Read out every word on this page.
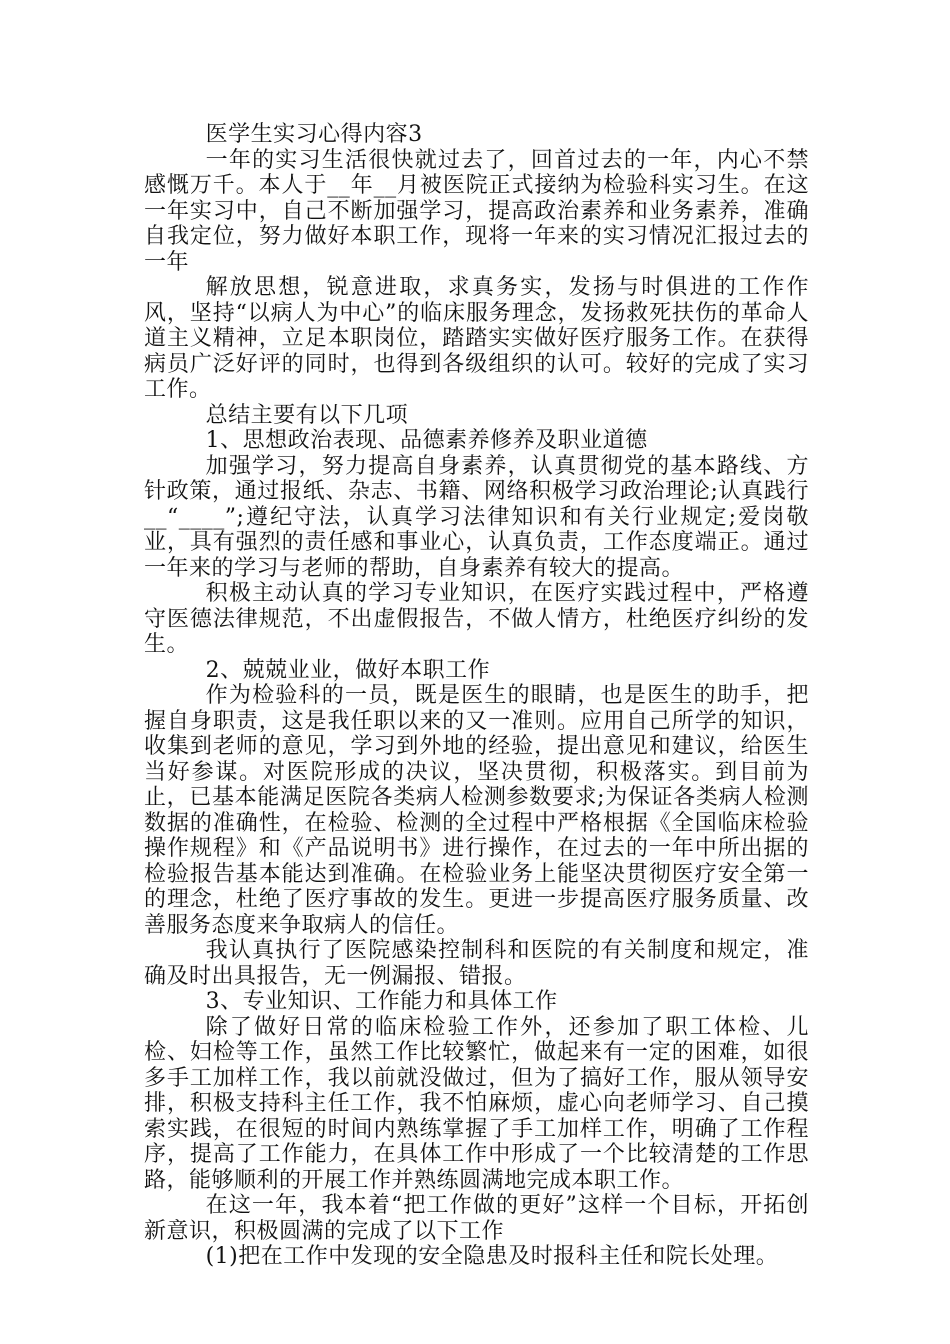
医学生实习心得内容3

一年的实习生活很快就过去了，回首过去的一年，内心不禁感慨万千。本人于__年__月被医院正式接纳为检验科实习生。在这一年实习中，自己不断加强学习，提高政治素养和业务素养，准确自我定位，努力做好本职工作，现将一年来的实习情况汇报过去的一年

解放思想，锐意进取，求真务实，发扬与时俱进的工作作风，坚持“以病人为中心”的临床服务理念，发扬救死扶伤的革命人道主义精神，立足本职岗位，踏踏实实做好医疗服务工作。在获得病员广泛好评的同时，也得到各级组织的认可。较好的完成了实习工作。

总结主要有以下几项

1、思想政治表现、品德素养修养及职业道德

加强学习，努力提高自身素养，认真贯彻党的基本路线、方针政策，通过报纸、杂志、书籍、网络积极学习政治理论;认真践行__“____”;遵纪守法，认真学习法律知识和有关行业规定;爱岗敬业，具有强烈的责任感和事业心，认真负责，工作态度端正。通过一年来的学习与老师的帮助，自身素养有较大的提高。

积极主动认真的学习专业知识，在医疗实践过程中，严格遵守医德法律规范，不出虚假报告，不做人情方，杜绝医疗纠纷的发生。

2、兢兢业业，做好本职工作

作为检验科的一员，既是医生的眼睛，也是医生的助手，把握自身职责，这是我任职以来的又一准则。应用自己所学的知识，收集到老师的意见，学习到外地的经验，提出意见和建议，给医生当好参谋。对医院形成的决议，坚决贯彻，积极落实。到目前为止，已基本能满足医院各类病人检测参数要求;为保证各类病人检测数据的准确性，在检验、检测的全过程中严格根据《全国临床检验操作规程》和《产品说明书》进行操作，在过去的一年中所出据的检验报告基本能达到准确。在检验业务上能坚决贯彻医疗安全第一的理念，杜绝了医疗事故的发生。更进一步提高医疗服务质量、改善服务态度来争取病人的信任。

我认真执行了医院感染控制科和医院的有关制度和规定，准确及时出具报告，无一例漏报、错报。

3、专业知识、工作能力和具体工作

除了做好日常的临床检验工作外，还参加了职工体检、儿检、妇检等工作，虽然工作比较繁忙，做起来有一定的困难，如很多手工加样工作，我以前就没做过，但为了搞好工作，服从领导安排，积极支持科主任工作，我不怕麻烦，虚心向老师学习、自己摸索实践，在很短的时间内熟练掌握了手工加样工作，明确了工作程序，提高了工作能力，在具体工作中形成了一个比较清楚的工作思路，能够顺利的开展工作并熟练圆满地完成本职工作。

在这一年，我本着“把工作做的更好”这样一个目标，开拓创新意识，积极圆满的完成了以下工作

(1)把在工作中发现的安全隐患及时报科主任和院长处理。
